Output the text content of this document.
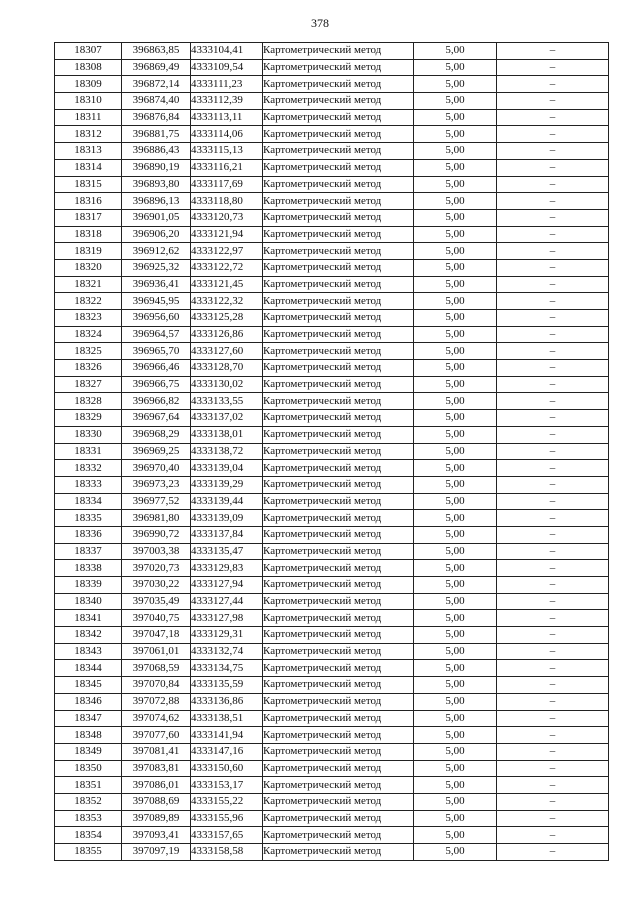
378
18307	396863,85	4333104,41	Картометрический метод	5,00	–
18308	396869,49	4333109,54	Картометрический метод	5,00	–
18309	396872,14	4333111,23	Картометрический метод	5,00	–
18310	396874,40	4333112,39	Картометрический метод	5,00	–
18311	396876,84	4333113,11	Картометрический метод	5,00	–
18312	396881,75	4333114,06	Картометрический метод	5,00	–
18313	396886,43	4333115,13	Картометрический метод	5,00	–
18314	396890,19	4333116,21	Картометрический метод	5,00	–
18315	396893,80	4333117,69	Картометрический метод	5,00	–
18316	396896,13	4333118,80	Картометрический метод	5,00	–
18317	396901,05	4333120,73	Картометрический метод	5,00	–
18318	396906,20	4333121,94	Картометрический метод	5,00	–
18319	396912,62	4333122,97	Картометрический метод	5,00	–
18320	396925,32	4333122,72	Картометрический метод	5,00	–
18321	396936,41	4333121,45	Картометрический метод	5,00	–
18322	396945,95	4333122,32	Картометрический метод	5,00	–
18323	396956,60	4333125,28	Картометрический метод	5,00	–
18324	396964,57	4333126,86	Картометрический метод	5,00	–
18325	396965,70	4333127,60	Картометрический метод	5,00	–
18326	396966,46	4333128,70	Картометрический метод	5,00	–
18327	396966,75	4333130,02	Картометрический метод	5,00	–
18328	396966,82	4333133,55	Картометрический метод	5,00	–
18329	396967,64	4333137,02	Картометрический метод	5,00	–
18330	396968,29	4333138,01	Картометрический метод	5,00	–
18331	396969,25	4333138,72	Картометрический метод	5,00	–
18332	396970,40	4333139,04	Картометрический метод	5,00	–
18333	396973,23	4333139,29	Картометрический метод	5,00	–
18334	396977,52	4333139,44	Картометрический метод	5,00	–
18335	396981,80	4333139,09	Картометрический метод	5,00	–
18336	396990,72	4333137,84	Картометрический метод	5,00	–
18337	397003,38	4333135,47	Картометрический метод	5,00	–
18338	397020,73	4333129,83	Картометрический метод	5,00	–
18339	397030,22	4333127,94	Картометрический метод	5,00	–
18340	397035,49	4333127,44	Картометрический метод	5,00	–
18341	397040,75	4333127,98	Картометрический метод	5,00	–
18342	397047,18	4333129,31	Картометрический метод	5,00	–
18343	397061,01	4333132,74	Картометрический метод	5,00	–
18344	397068,59	4333134,75	Картометрический метод	5,00	–
18345	397070,84	4333135,59	Картометрический метод	5,00	–
18346	397072,88	4333136,86	Картометрический метод	5,00	–
18347	397074,62	4333138,51	Картометрический метод	5,00	–
18348	397077,60	4333141,94	Картометрический метод	5,00	–
18349	397081,41	4333147,16	Картометрический метод	5,00	–
18350	397083,81	4333150,60	Картометрический метод	5,00	–
18351	397086,01	4333153,17	Картометрический метод	5,00	–
18352	397088,69	4333155,22	Картометрический метод	5,00	–
18353	397089,89	4333155,96	Картометрический метод	5,00	–
18354	397093,41	4333157,65	Картометрический метод	5,00	–
18355	397097,19	4333158,58	Картометрический метод	5,00	–
